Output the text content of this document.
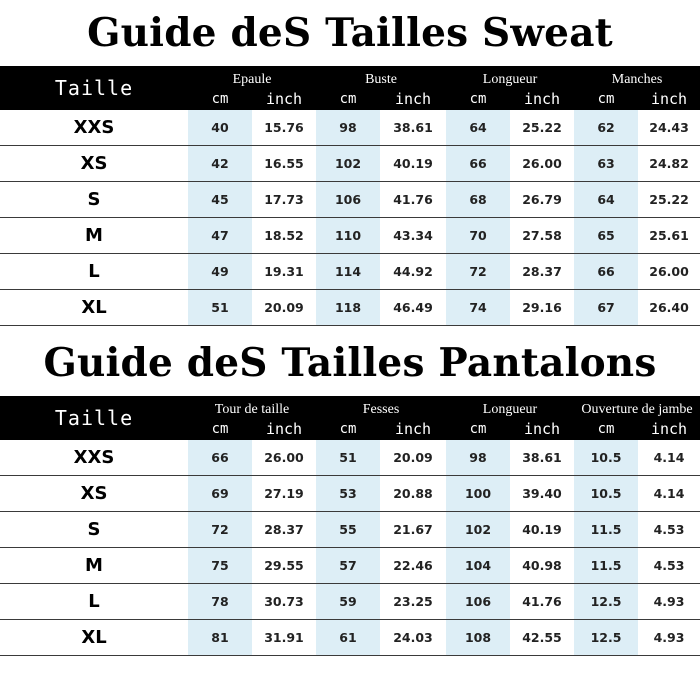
Guide deS Tailles Sweat
Taille	Epaule		Buste		Longueur		Manches	
	cm	inch	cm	inch	cm	inch	cm	inch
XXS	40	15.76	98	38.61	64	25.22	62	24.43
XS	42	16.55	102	40.19	66	26.00	63	24.82
S	45	17.73	106	41.76	68	26.79	64	25.22
M	47	18.52	110	43.34	70	27.58	65	25.61
L	49	19.31	114	44.92	72	28.37	66	26.00
XL	51	20.09	118	46.49	74	29.16	67	26.40
Guide deS Tailles Pantalons
Taille	Tour de taille		Fesses		Longueur		Ouverture de jambe	
	cm	inch	cm	inch	cm	inch	cm	inch
XXS	66	26.00	51	20.09	98	38.61	10.5	4.14
XS	69	27.19	53	20.88	100	39.40	10.5	4.14
S	72	28.37	55	21.67	102	40.19	11.5	4.53
M	75	29.55	57	22.46	104	40.98	11.5	4.53
L	78	30.73	59	23.25	106	41.76	12.5	4.93
XL	81	31.91	61	24.03	108	42.55	12.5	4.93
